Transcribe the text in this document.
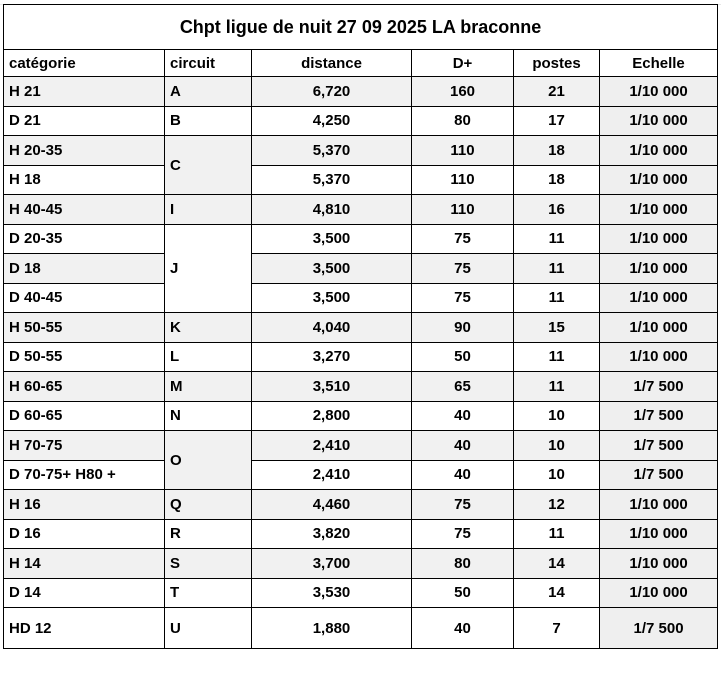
Chpt ligue de nuit 27 09 2025 LA braconne					
catégorie	circuit	distance	D+	postes	Echelle
H 21	A	6,720	160	21	1/10 000
D 21	B	4,250	80	17	1/10 000
H 20-35	C	5,370	110	18	1/10 000
H 18		5,370	110	18	1/10 000
H 40-45	I	4,810	110	16	1/10 000
D 20-35	J	3,500	75	11	1/10 000
D 18		3,500	75	11	1/10 000
D 40-45		3,500	75	11	1/10 000
H 50-55	K	4,040	90	15	1/10 000
D 50-55	L	3,270	50	11	1/10 000
H 60-65	M	3,510	65	11	1/7 500
D 60-65	N	2,800	40	10	1/7 500
H 70-75	O	2,410	40	10	1/7 500
D 70-75+ H80 +		2,410	40	10	1/7 500
H 16	Q	4,460	75	12	1/10 000
D 16	R	3,820	75	11	1/10 000
H 14	S	3,700	80	14	1/10 000
D 14	T	3,530	50	14	1/10 000
HD 12	U	1,880	40	7	1/7 500
